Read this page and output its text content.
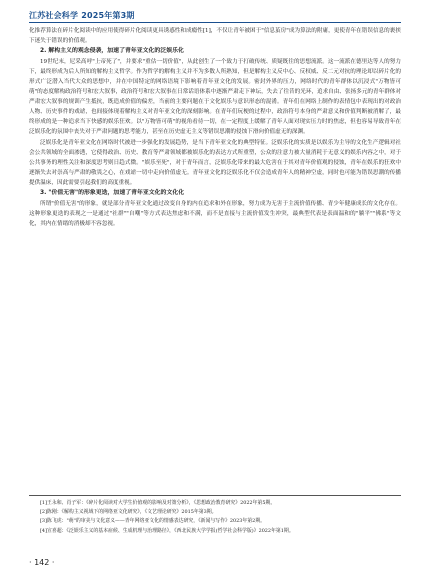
江苏社会科学 2025年第3期

化推荐算法在碎片化阅读中的应用使得碎片化阅读更具诱惑性和成瘾性[1]，不仅让青年被困于"信息茧房"成为算法的附庸，更使青年在错误信息的裹挟下迷失于错误的价值观。

2. 解构主义的观念侵袭，加速了青年亚文化的泛娱乐化

19世纪末，尼采高呼"上帝死了"，并要求"重估一切价值"，从此创生了一个致力于打破传统、质疑既往的思想流派。这一流派在德里达等人的努力下，最终形成为后人所知的解构主义哲学。作为哲学的解构主义并不为多数人所熟知，但是解构主义反中心、反权威、反二元对抗的理论却以碎片化的形式广泛潜入当代大众的思想中，并在中国特定的网络语境下影响着青年亚文化的发展。密封外界的压力，网络时代的青年群体以沉浸式"万物皆可萌"的态度解构政治符号和宏大叙事，政治符号和宏大叙事在日常话语体系中逐渐严肃走下神坛，失去了往昔的光环，追求自由、张扬多元的青年群体对严肃宏大叙事的规训产生抵抗，既造成价值的偏差，当前的主要问题在于文化娱乐与意识形态的混淆。青年们在网络上制作的表情包中表现出的对政治人物、历史事件的戏谑，也间接体现着解构主义对青年亚文化的深刻影响。在青年们玩梗的过程中，政治符号本身的严肃意义和价值判断被消解了，最终形成的是一种追求当下快感的娱乐狂欢。以"万物皆可萌"的视角看待一切，在一定程度上缓解了青年人面对现实压力时的焦虑，但也容易导致青年在泛娱乐化的氛围中丧失对于严肃问题的思考能力，甚至在历史虚无主义等错误思潮的侵蚀下滑向价值虚无的深渊。

泛娱乐化是青年亚文化在网络时代被进一步强化的发展趋势，是当下青年亚文化的典型特征。泛娱乐化的实质是以娱乐为主导的文化生产逻辑对社会公共领域的全面渗透，它使得政治、历史、教育等严肃领域都被娱乐化的表达方式所重塑，公众的注意力被大量消耗于无意义的娱乐内容之中，对于公共事务的理性关注和深度思考则日趋式微。"娱乐至死"，对于青年而言，泛娱乐化带来的最大危害在于其对青年价值观的侵蚀，青年在娱乐的狂欢中逐渐失去对崇高与严肃的敬畏之心，在戏谑一切中走向价值虚无。青年亚文化的泛娱乐化不仅会造成青年人的精神空虚，同时也可能为错误思潮的传播提供温床，因此需要引起我们的高度重视。

3. "价值无害"的形象更迭，加速了青年亚文化的文化化

所谓"价值无害"的形象，就是部分青年亚文化通过改变自身的内在追求和外在形象，努力成为无害于主流价值传播、青少年健康成长的文化存在。这种形象更迭的表现之一是通过"社群""自嘲"等方式表达焦虑和不满，而不是直接与主流价值发生冲突，最典型代表是表面温和的"躺平""佛系"等文化，其内在情绪的消极却不容忽视。

[1]王永和、肖子军：《碎片化阅读对大学生价值观的影响及对策分析》，《思想政治教育研究》2022年第5期。

[2]陈刚：《解构主义视域下的网络亚文化研究》，《文艺理论研究》2015年第3期。

[3]陈飞虎："萌"的审美与文化意义——青年网络亚文化的情感表达研究，《新闻与写作》2023年第2期。

[4]宣喜超：《泛娱乐主义的基本症候、生成机理与治理路径》，《西北民族大学学报(哲学社会科学版)》2022年第1期。

· 142 ·
